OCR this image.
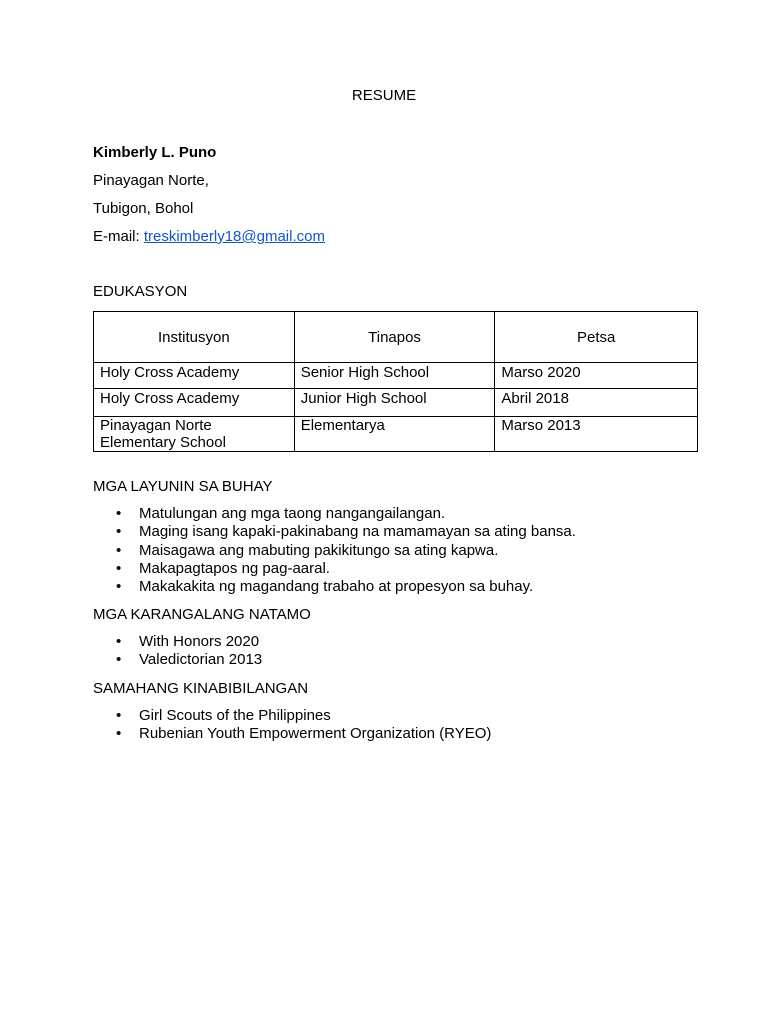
RESUME
Kimberly L. Puno
Pinayagan Norte,
Tubigon, Bohol
E-mail: treskimberly18@gmail.com
EDUKASYON
Institusyon	Tinapos	Petsa
Holy Cross Academy	Senior High School	Marso 2020
Holy Cross Academy	Junior High School	Abril 2018
Pinayagan Norte
Elementary School	Elementarya	Marso 2013
MGA LAYUNIN SA BUHAY
• Matulungan ang mga taong nangangailangan.
• Maging isang kapaki-pakinabang na mamamayan sa ating bansa.
• Maisagawa ang mabuting pakikitungo sa ating kapwa.
• Makapagtapos ng pag-aaral.
• Makakakita ng magandang trabaho at propesyon sa buhay.
MGA KARANGALANG NATAMO
• With Honors 2020
• Valedictorian 2013
SAMAHANG KINABIBILANGAN
• Girl Scouts of the Philippines
• Rubenian Youth Empowerment Organization (RYEO)
